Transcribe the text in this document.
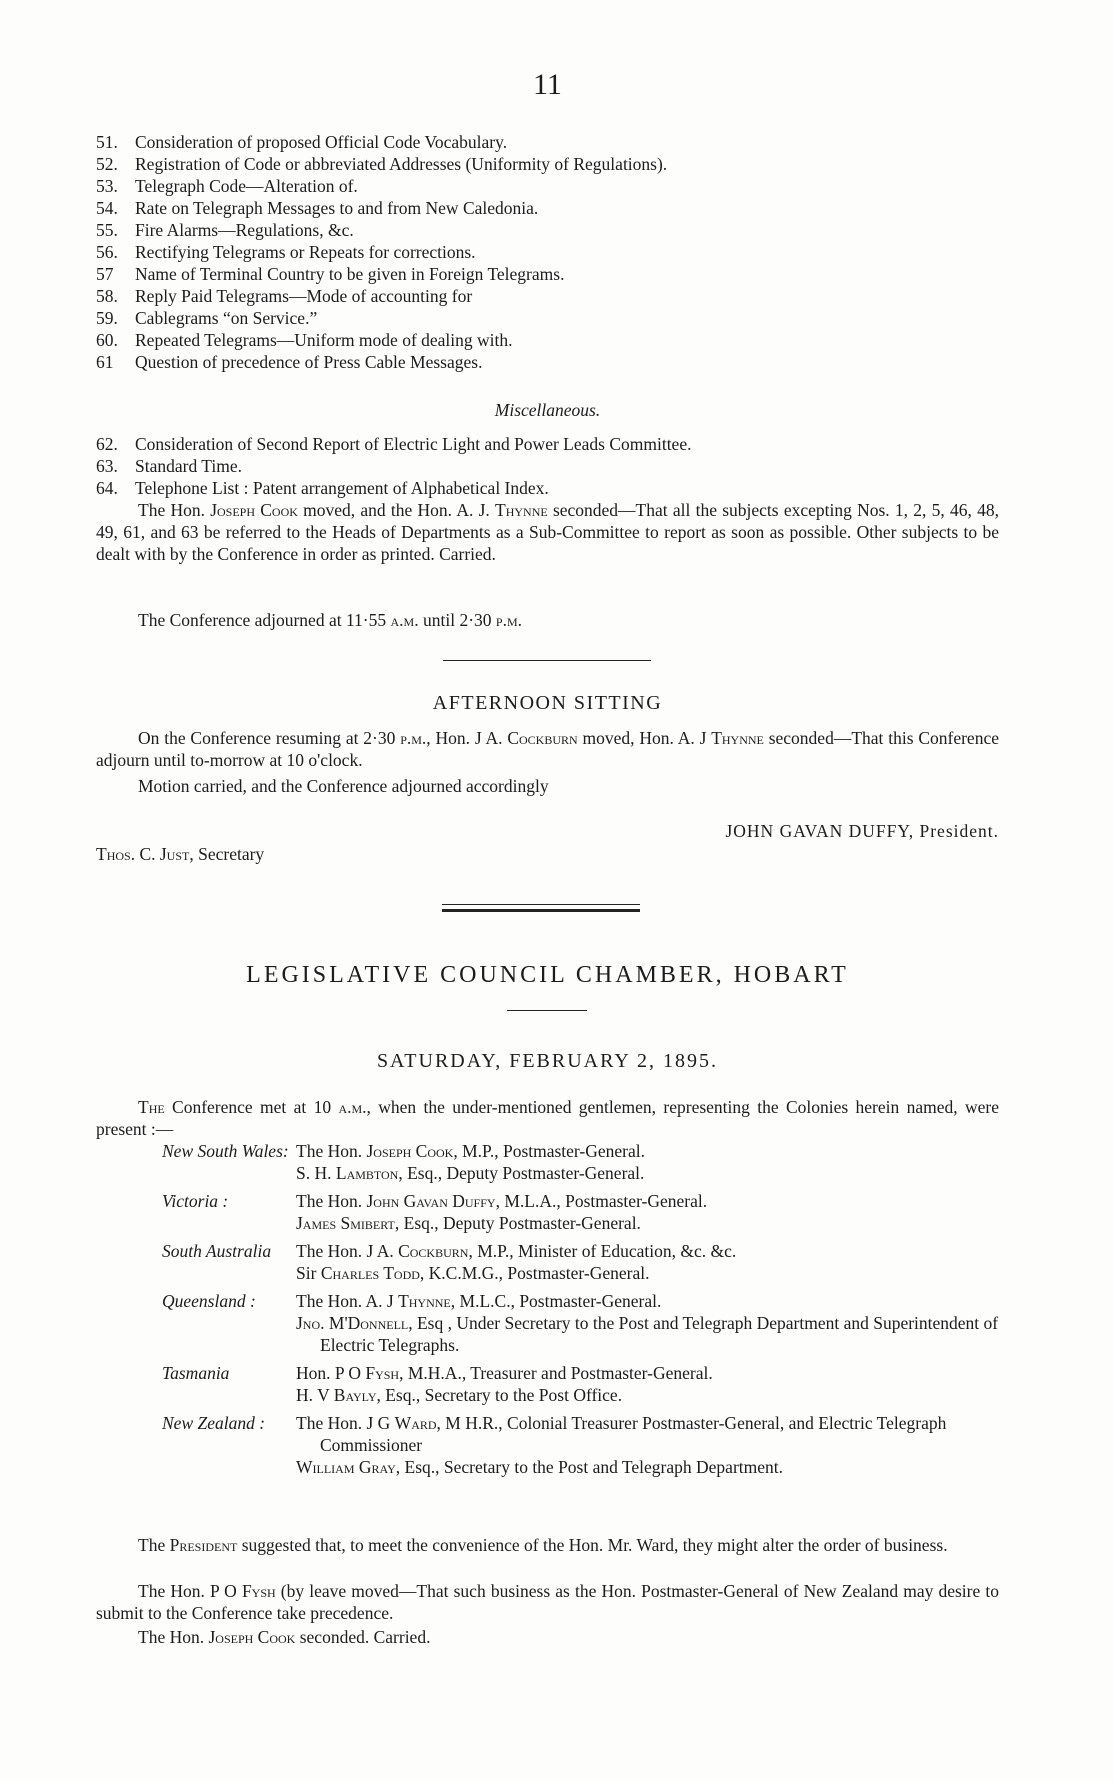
11
51. Consideration of proposed Official Code Vocabulary.
52. Registration of Code or abbreviated Addresses (Uniformity of Regulations).
53. Telegraph Code—Alteration of.
54. Rate on Telegraph Messages to and from New Caledonia.
55. Fire Alarms—Regulations, &c.
56. Rectifying Telegrams or Repeats for corrections.
57	Name of Terminal Country to be given in Foreign Telegrams.
58. Reply Paid Telegrams—Mode of accounting for
59. Cablegrams “on Service.”
60. Repeated Telegrams—Uniform mode of dealing with.
61	Question of precedence of Press Cable Messages.
Miscellaneous.
62. Consideration of Second Report of Electric Light and Power Leads Committee.
63. Standard Time.
64. Telephone List : Patent arrangement of Alphabetical Index.
The Hon. Joseph Cook moved, and the Hon. A. J. Thynne seconded—That all the subjects excepting Nos. 1, 2, 5, 46, 48, 49, 61, and 63 be referred to the Heads of Departments as a Sub-Committee to report as soon as possible. Other subjects to be dealt with by the Conference in order as printed. Carried.
The Conference adjourned at 11·55 a.m. until 2·30 p.m.
AFTERNOON SITTING
On the Conference resuming at 2·30 p.m., Hon. J A. Cockburn moved, Hon. A. J Thynne seconded—That this Conference adjourn until to-morrow at 10 o'clock.
Motion carried, and the Conference adjourned accordingly
JOHN GAVAN DUFFY, President.
Thos. C. Just, Secretary
LEGISLATIVE COUNCIL CHAMBER, HOBART
SATURDAY, FEBRUARY 2, 1895.
The Conference met at 10 a.m., when the under-mentioned gentlemen, representing the Colonies herein named, were present :—
New South Wales: The Hon. Joseph Cook, M.P., Postmaster-General.
S. H. Lambton, Esq., Deputy Postmaster-General.
Victoria :	The Hon. John Gavan Duffy, M.L.A., Postmaster-General.
James Smibert, Esq., Deputy Postmaster-General.
South Australia	The Hon. J A. Cockburn, M.P., Minister of Education, &c. &c.
Sir Charles Todd, K.C.M.G., Postmaster-General.
Queensland :	The Hon. A. J Thynne, M.L.C., Postmaster-General.
Jno. M'Donnell, Esq , Under Secretary to the Post and Telegraph Department and Superintendent of Electric Telegraphs.
Tasmania	Hon. P O Fysh, M.H.A., Treasurer and Postmaster-General.
H. V Bayly, Esq., Secretary to the Post Office.
New Zealand :	The Hon. J G Ward, M H.R., Colonial Treasurer Postmaster-General, and Electric Telegraph Commissioner
William Gray, Esq., Secretary to the Post and Telegraph Department.
The President suggested that, to meet the convenience of the Hon. Mr. Ward, they might alter the order of business.
The Hon. P O Fysh (by leave moved—That such business as the Hon. Postmaster-General of New Zealand may desire to submit to the Conference take precedence.
The Hon. Joseph Cook seconded. Carried.
